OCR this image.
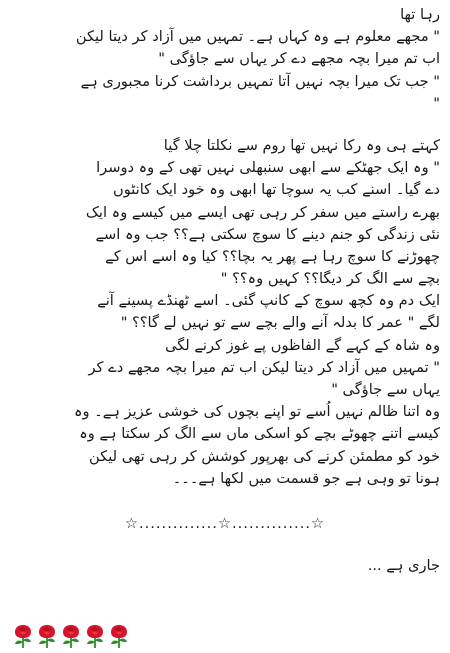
رہا تھا
" مجھے معلوم ہے وہ کہاں ہے۔ تمہیں میں آزاد کر دیتا لیکن
اب تم میرا بچہ مجھے دے کر یہاں سے جاؤگی "
" جب تک میرا بچہ نہیں آتا تمہیں برداشت کرنا مجبوری ہے
"
کہتے ہی وہ رکا نہیں تھا روم سے نکلتا چلا گیا
" وہ ایک جھٹکے سے ابھی سنبھلی نہیں تھی کے وہ دوسرا
دے گیا۔ اسنے کب یہ سوچا تھا ابھی وہ خود ایک کانٹوں
بھرے راستے میں سفر کر رہی تھی ایسے میں کیسے وہ ایک
نئی زندگی کو جنم دینے کا سوچ سکتی ہے؟؟ جب وہ اسے
چھوڑنے کا سوچ رہا ہے پھر یہ بچا؟؟ کیا وہ اسے اس کے
بچے سے الگ کر دیگا؟؟ کہیں وہ؟؟ "
ایک دم وہ کچھ سوچ کے کانپ گئی۔ اسے ٹھنڈے پسینے آنے
لگے " عمر کا بدلہ آنے والے بچے سے تو نہیں لے گا؟؟ "
وہ شاہ کے کہے گے الفاظوں پے غوز کرنے لگی
" تمہیں میں آزاد کر دیتا لیکن اب تم میرا بچہ مجھے دے کر
یہاں سے جاؤگی "
وہ اتنا ظالم نہیں اُسے تو اپنے بچوں کی خوشی عزیز ہے۔ وہ
کیسے اتنے چھوٹے بچے کو اسکی ماں سے الگ کر سکتا ہے وہ
خود کو مطمئن کرنے کی بھرپور کوشش کر رہی تھی لیکن
ہونا تو وہی ہے جو قسمت میں لکھا ہے۔۔۔
☆..............☆..............☆
جاری ہے ...
